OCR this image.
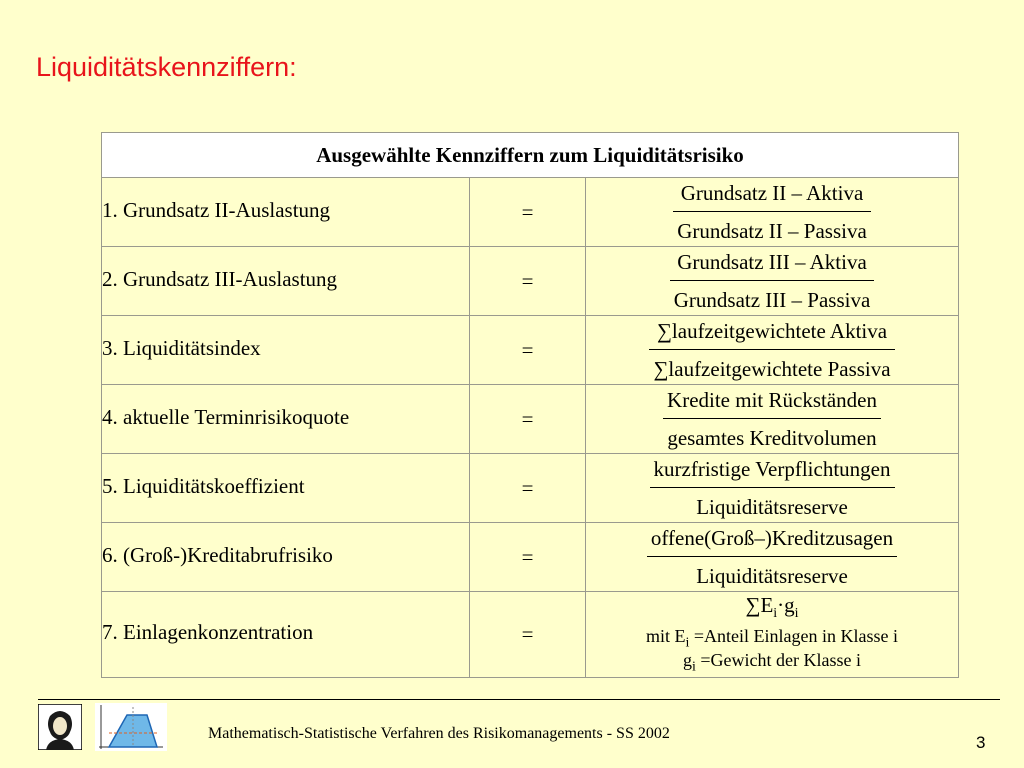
Liquiditätskennziffern:
Ausgewählte Kennziffern zum Liquiditätsrisiko		
1. Grundsatz II-Auslastung	=	$\frac{\text{Grundsatz II – Aktiva}}{\text{Grundsatz II – Passiva}}$

2. Grundsatz III-Auslastung	=	$\frac{\text{Grundsatz III – Aktiva}}{\text{Grundsatz III – Passiva}}$

3. Liquiditätsindex	=	$\frac{\text{∑laufzeitgewichtete Aktiva}}{\text{∑laufzeitgewichtete Passiva}}$

4. aktuelle Terminrisikoquote	=	$\frac{\text{Kredite mit Rückständen}}{\text{gesamtes Kreditvolumen}}$

5. Liquiditätskoeffizient	=	$\frac{\text{kurzfristige Verpflichtungen}}{\text{Liquiditätsreserve}}$

6. (Groß-)Kreditabrufrisiko	=	$\frac{\text{offene(Groß–)Kreditzusagen}}{\text{Liquiditätsreserve}}$

7. Einlagenkonzentration	=	$\sum E_i\cdot g_i$
mit $E_i$ =Anteil Einlagen in Klasse i
$g_i$ =Gewicht der Klasse i
Mathematisch-Statistische Verfahren des Risikomanagements - SS 2002	3
